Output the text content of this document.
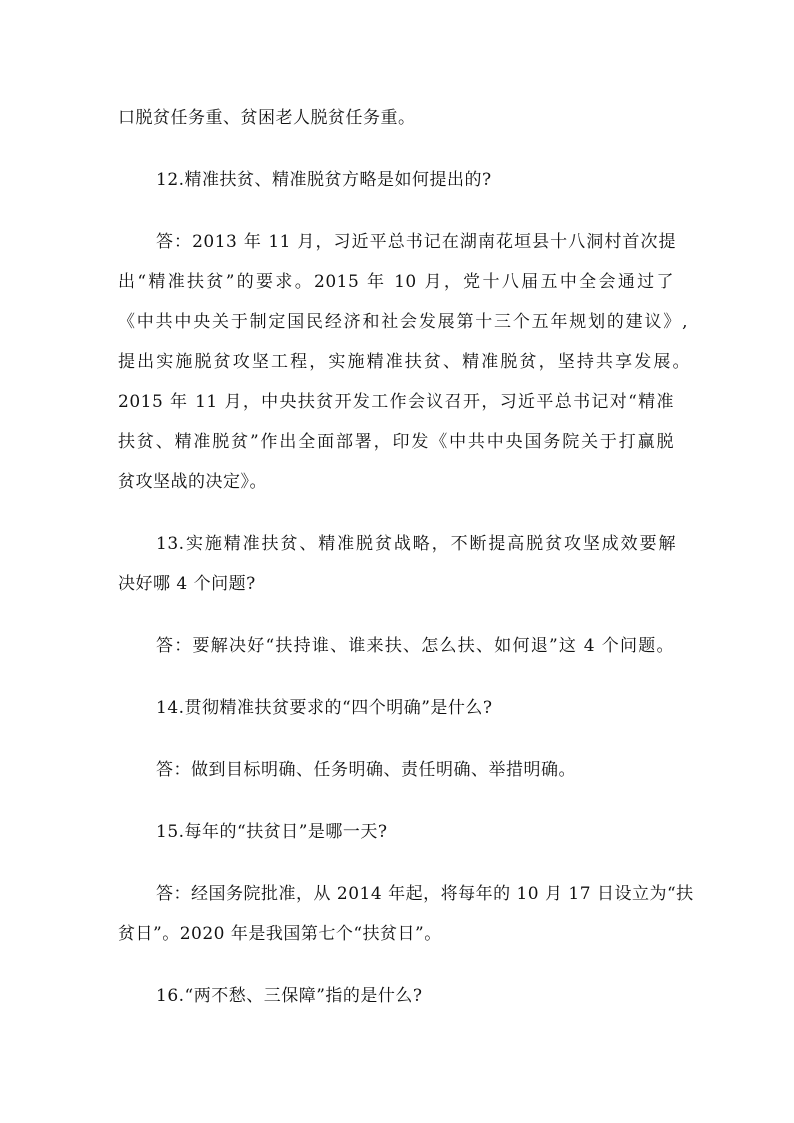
口脱贫任务重、贫困老人脱贫任务重。
12.精准扶贫、精准脱贫方略是如何提出的?
答：2013 年 11 月，习近平总书记在湖南花垣县十八洞村首次提
出“精准扶贫”的要求。2015 年 10 月，党十八届五中全会通过了
《中共中央关于制定国民经济和社会发展第十三个五年规划的建议》,
提出实施脱贫攻坚工程，实施精准扶贫、精准脱贫，坚持共享发展。
2015 年 11 月，中央扶贫开发工作会议召开，习近平总书记对“精准
扶贫、精准脱贫”作出全面部署，印发《中共中央国务院关于打赢脱
贫攻坚战的决定》。
13.实施精准扶贫、精准脱贫战略，不断提高脱贫攻坚成效要解
决好哪 4 个问题?
答：要解决好“扶持谁、谁来扶、怎么扶、如何退”这 4 个问题。
14.贯彻精准扶贫要求的“四个明确”是什么?
答：做到目标明确、任务明确、责任明确、举措明确。
15.每年的“扶贫日”是哪一天?
答：经国务院批准，从 2014 年起，将每年的 10 月 17 日设立为“扶
贫日”。2020 年是我国第七个“扶贫日”。
16.“两不愁、三保障”指的是什么?
